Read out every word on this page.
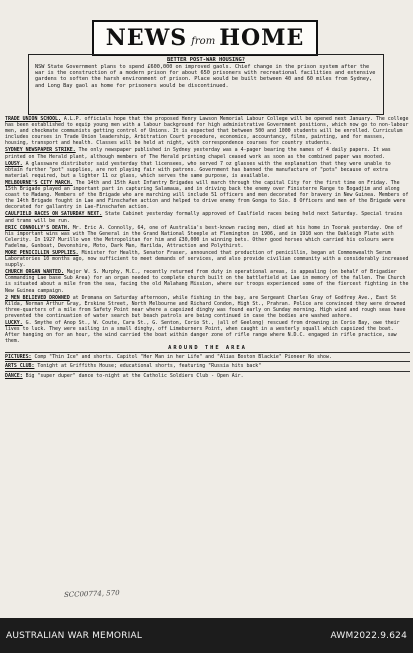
NEWS from HOME
BETTER POST-WAR HOUSING?
NSW State Government plans to spend £600,000 on improved gaols. Chief change in the prison system after the war is the construction of a modern prison for about 650 prisoners with recreational facilities and extensive gardens to soften the harsh environment of prison. Place would be built between 40 and 60 miles from Sydney, and Long Bay gaol as home for prisoners would be discontinued.
TRADE UNION SCHOOL. A.L.P. officials hope that the proposed Henry Lawson Memorial Labour College will be opened next January. The college has been established to equip young men with a labour background for high administrative Government positions, which now go to non-labour men, and checkmate communists getting control of Unions. It is expected that between 500 and 1000 students will be enrolled. Curriculum includes courses in Trade Union leadership, Arbitration Court procedure, economics, accountancy, films, painting, and for masses, housing, transport and health. Classes will be held at night, with correspondence courses for country students.
SYDNEY NEWSPAPER STRIKE. The only newspaper published in Sydney yesterday was a 4-pager bearing the names of 4 daily papers. It was printed on The Herald plant, although members of The Herald printing chapel ceased work as soon as the combined paper was mooted.
LOUSY. A glassware distributor said yesterday that licensees, who served 7 oz glasses with the explanation that they were unable to obtain further "pot" supplies, are not playing fair with patrons. Government has banned the manufacture of "pots" because of extra material required, but a lighter 11 oz glass, which serves the same purpose, is available.
MELBOURNE'S CITY MARCH. The 14th and 15th Aust Infantry Brigades will march through the capital City for the first time on Friday. The 15th Brigade played an important part in capturing Salamaua, and in driving back the enemy over Finisterre Range to Bogadjim and along coast to Madang. Members of the Brigade who are marching will include 51 officers and men decorated for bravery in New Guinea. Members of the 14th Brigade fought in Lae and Finschafen action and helped to drive enemy from Gonga to Sio. 8 Officers and men of the Brigade were decorated for gallantry in Lae-Finschafen action.
CAULFIELD RACES ON SATURDAY NEXT. State Cabinet yesterday formally approved of Caulfield races being held next Saturday. Special trains and trams will be run.
ERIC CONNOLLY'S DEATH. Mr. Eric A. Connolly, 64, one of Australia's best-known racing men, died at his home in Toorak yesterday. One of his important wins was with The General in the Grand National Steeple at Flemington in 1906, and in 1910 won the Oakleigh Plate with Celerity. In 1927 Murillo won the Metropolitan for him and £30,000 in winning bets. Other good horses which carried his colours were Fadelma, Gunboat, Devonshire, Moto, Dark Man, Harilda, Attraction and Polythirst.
MORE PENICILLIN SUPPLIES. Minister for Health, Senator Fraser, announced that production of penicillin, began at Commonwealth Serum Laboratories 10 months ago, now sufficient to meet demands of services, and also provide civilian community with a considerably increased supply.
CHURCH ORGAN WANTED. Major W. S. Murphy, M.C., recently returned from duty in operational areas, is appealing (on behalf of Brigadier Commanding Lae base Sub Area) for an organ needed to complete church built on the battlefield at Lae in memory of the fallen. The Church is situated about a mile from the sea, facing the old Malahang Mission, where our troops experienced some of the fiercest fighting in the New Guinea campaign.
2 MEN BELIEVED DROWNED at Dromana on Saturday afternoon, while fishing in the bay, are Sergeant Charles Gray of Godfrey Ave., East St Kilda, Norman Arthur Gray, Erskine Street, North Melbourne and Richard Condon, High St., Prahran. Police are convinced they were drowned three-quarters of a mile from Safety Point near where a capsized dinghy was found early on Sunday morning. High wind and rough seas have prevented the continuation of water search but beach patrols are being continued in case the bodies are washed ashore.
LUCKY. G. Smythe of Anop St., W. Coute, Cara St., G. Senton, Corio St., (all of Geelong) rescued from drowning in Corio Bay, owe their lives to luck. They were sailing in a small dinghy, off Limeburners Point, when caught in a westerly squall which capsized the boat. After hanging on for an hour, the wind carried the boat within danger zone of rifle range where N.D.C. engaged in rifle practice, saw them.
AROUND THE AREA
PICTURES: Comp "Thin Ice" and shorts. Capitol "Her Man in her Life" and "Alias Boston Blackie" Pioneer No show.
ARTS CLUB: Tonight at Griffiths House; educational shorts, featuring "Russia hits back"
DANCE: Big "super duper" dance to-night at the Catholic Soldiers Club - Open Air.
SCC00774, 570
AUSTRALIAN WAR MEMORIAL	AWM2022.9.624
